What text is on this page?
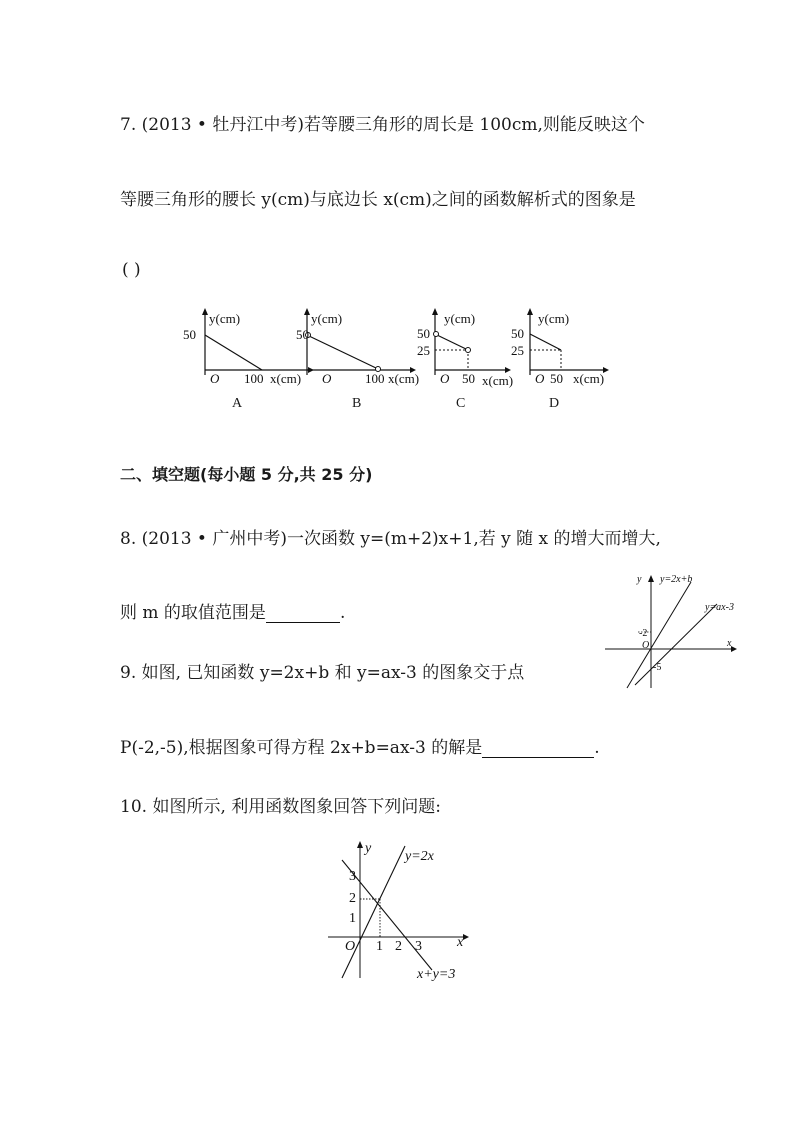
7. (2013 • 牡丹江中考)若等腰三角形的周长是 100cm,则能反映这个
等腰三角形的腰长 y(cm)与底边长 x(cm)之间的函数解析式的图象是
( )
y(cm)
50
O 100 x(cm)
A
y(cm)
50
O	100 x(cm)
B
y(cm)
50
25
O 50 x(cm)
C
y(cm)
50
25
O 50 x(cm)
D
二、填空题(每小题 5 分,共 25 分)
8. (2013 • 广州中考)一次函数 y=(m+2)x+1,若 y 随 x 的增大而增大,
则 m 的取值范围是	.
9. 如图, 已知函数 y=2x+b 和 y=ax-3 的图象交于点
P(-2,-5),根据图象可得方程 2x+b=ax-3 的解是	.
y y=2x+b
y=ax-3
-2
O
-5
x
10. 如图所示, 利用函数图象回答下列问题:
y
y=2x
3
2
1
O 1 2 3	x
x+y=3
